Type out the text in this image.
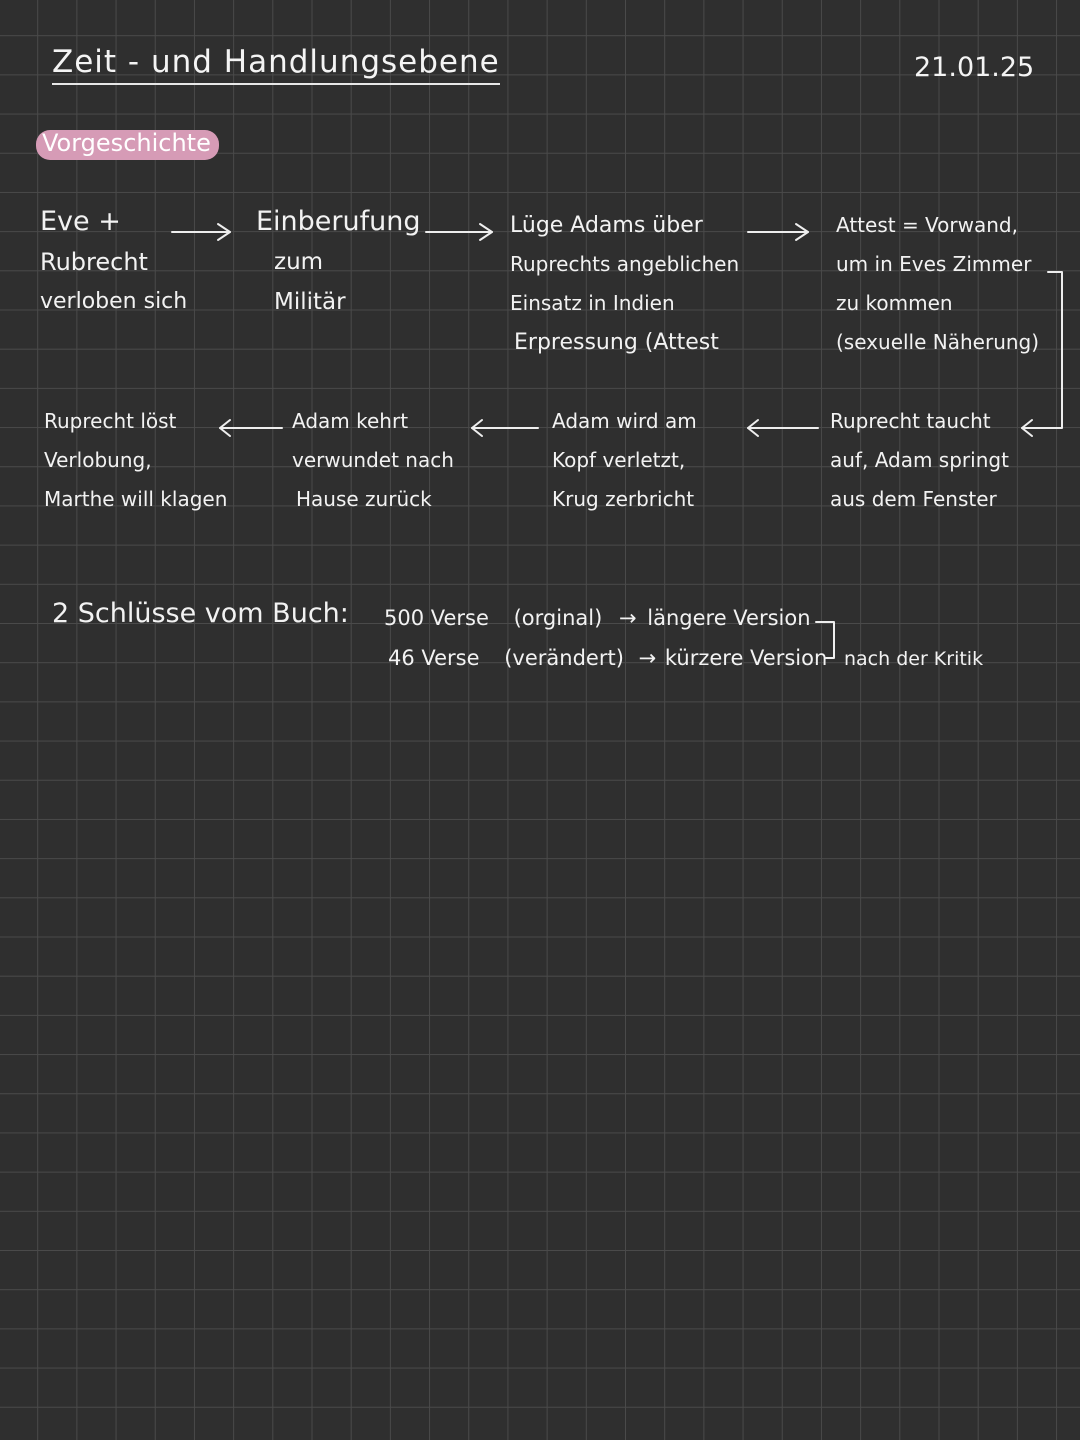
Zeit - und Handlungsebene	21.01.25
Vorgeschichte
Eve +
Rubrecht
verloben sich
Einberufung
zum
Militär
Lüge Adams über
Ruprechts angeblichen
Einsatz in Indien
Erpressung (Attest
Attest = Vorwand,
um in Eves Zimmer
zu kommen
(sexuelle Näherung)
Ruprecht löst
Verlobung,
Marthe will klagen
Adam kehrt
verwundet nach
Hause zurück
Adam wird am
Kopf verletzt,
Krug zerbricht
Ruprecht taucht
auf, Adam springt
aus dem Fenster
2 Schlüsse vom Buch: 500 Verse (orginal) → längere Version
46 Verse (verändert) → kürzere Version nach der Kritik
